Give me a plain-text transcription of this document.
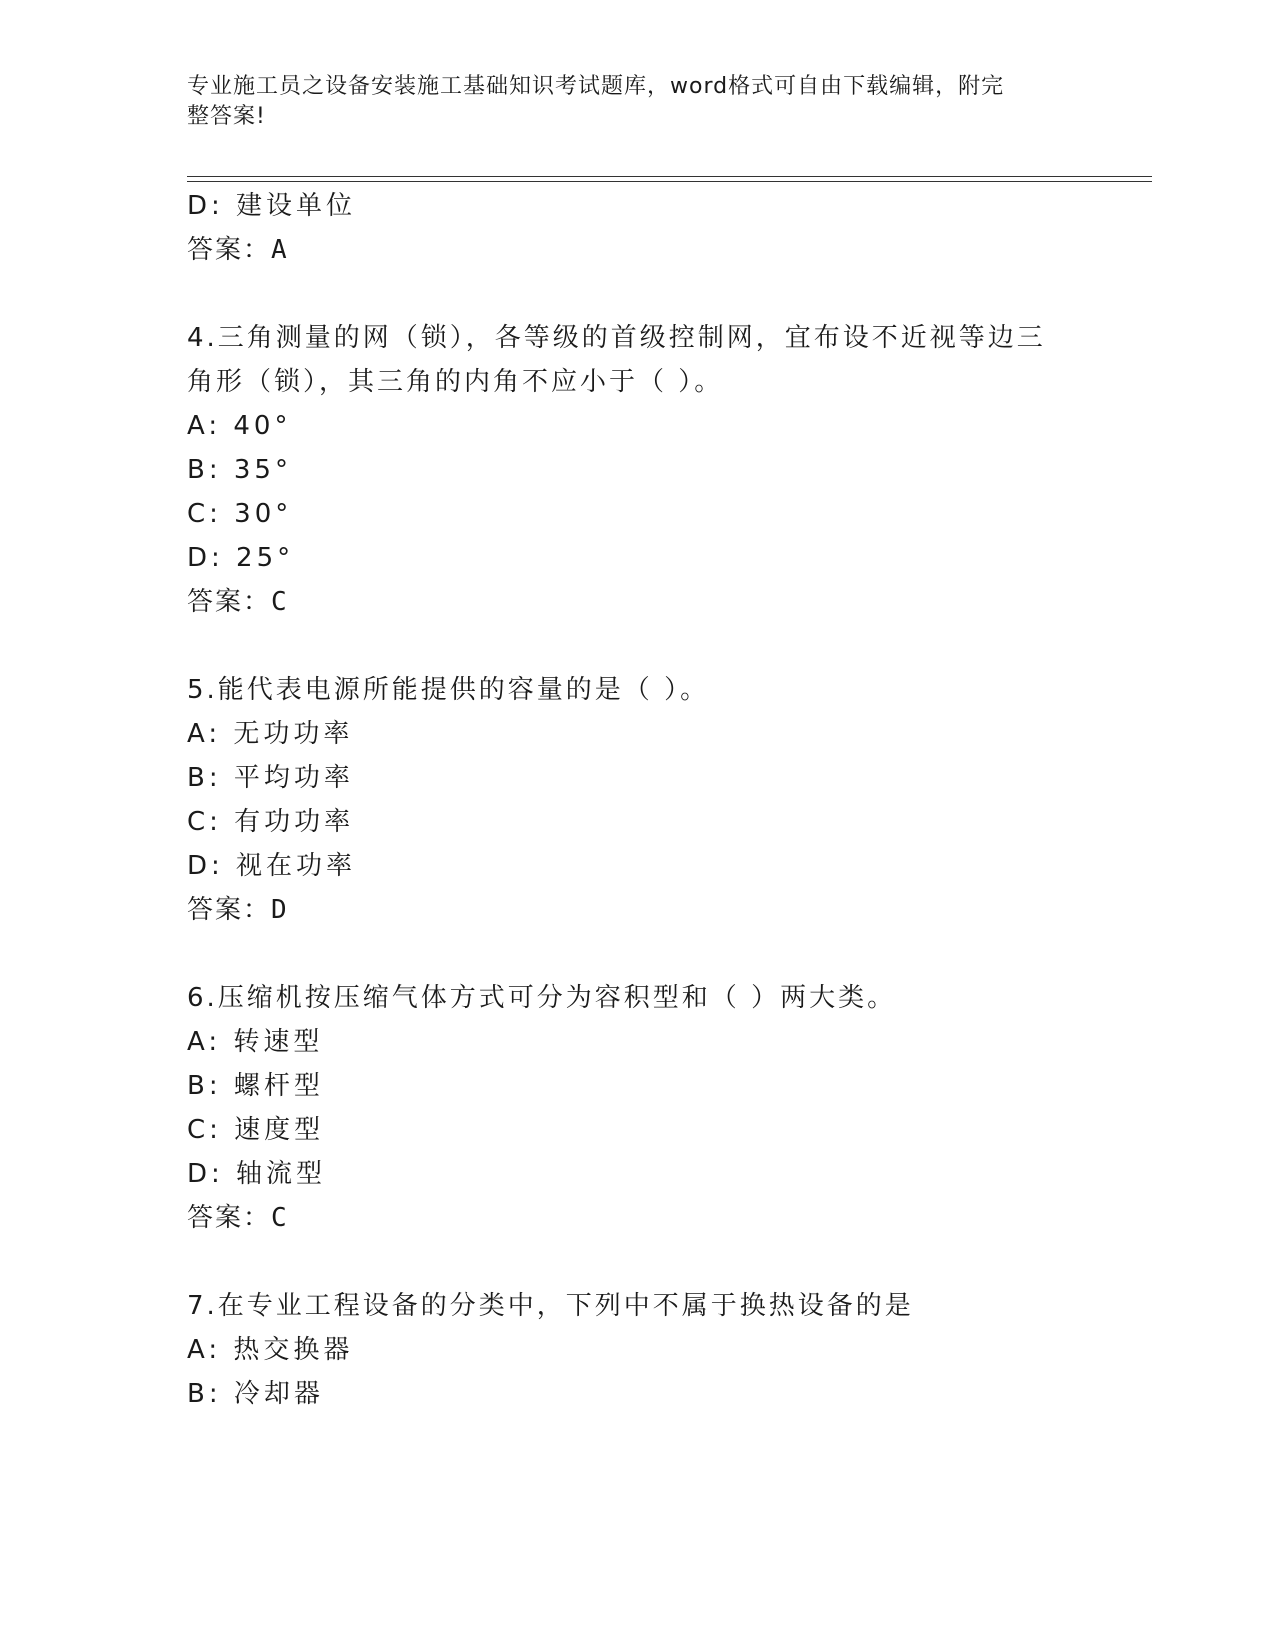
专业施工员之设备安装施工基础知识考试题库，word格式可自由下载编辑，附完
整答案!
D: 建设单位
答案：A
4.三角测量的网（锁），各等级的首级控制网，宜布设不近视等边三
角形（锁），其三角的内角不应小于（ ）。
A: 40°
B: 35°
C: 30°
D: 25°
答案：C
5.能代表电源所能提供的容量的是（ ）。
A: 无功功率
B: 平均功率
C: 有功功率
D: 视在功率
答案：D
6.压缩机按压缩气体方式可分为容积型和（ ）两大类。
A: 转速型
B: 螺杆型
C: 速度型
D: 轴流型
答案：C
7.在专业工程设备的分类中，下列中不属于换热设备的是
A: 热交换器
B: 冷却器
